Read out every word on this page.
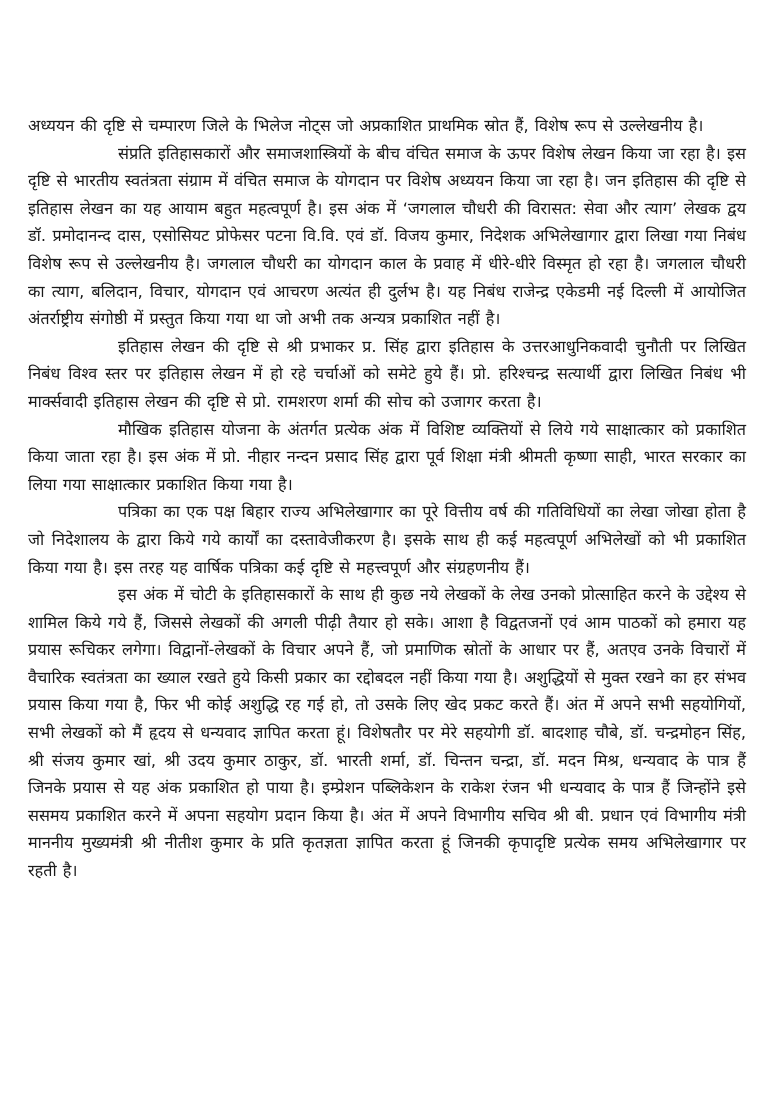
अध्ययन की दृष्टि से चम्पारण जिले के भिलेज नोट्स जो अप्रकाशित प्राथमिक स्रोत हैं, विशेष रूप से उल्लेखनीय है।

संप्रति इतिहासकारों और समाजशास्त्रियों के बीच वंचित समाज के ऊपर विशेष लेखन किया जा रहा है। इस दृष्टि से भारतीय स्वतंत्रता संग्राम में वंचित समाज के योगदान पर विशेष अध्ययन किया जा रहा है। जन इतिहास की दृष्टि से इतिहास लेखन का यह आयाम बहुत महत्वपूर्ण है। इस अंक में ‘जगलाल चौधरी की विरासत: सेवा और त्याग’ लेखक द्वय डॉ. प्रमोदानन्द दास, एसोसियट प्रोफेसर पटना वि.वि. एवं डॉ. विजय कुमार, निदेशक अभिलेखागार द्वारा लिखा गया निबंध विशेष रूप से उल्लेखनीय है। जगलाल चौधरी का योगदान काल के प्रवाह में धीरे-धीरे विस्मृत हो रहा है। जगलाल चौधरी का त्याग, बलिदान, विचार, योगदान एवं आचरण अत्यंत ही दुर्लभ है। यह निबंध राजेन्द्र एकेडमी नई दिल्ली में आयोजित अंतर्राष्ट्रीय संगोष्ठी में प्रस्तुत किया गया था जो अभी तक अन्यत्र प्रकाशित नहीं है।

इतिहास लेखन की दृष्टि से श्री प्रभाकर प्र. सिंह द्वारा इतिहास के उत्तरआधुनिकवादी चुनौती पर लिखित निबंध विश्व स्तर पर इतिहास लेखन में हो रहे चर्चाओं को समेटे हुये हैं। प्रो. हरिश्चन्द्र सत्यार्थी द्वारा लिखित निबंध भी मार्क्सवादी इतिहास लेखन की दृष्टि से प्रो. रामशरण शर्मा की सोच को उजागर करता है।

मौखिक इतिहास योजना के अंतर्गत प्रत्येक अंक में विशिष्ट व्यक्तियों से लिये गये साक्षात्कार को प्रकाशित किया जाता रहा है। इस अंक में प्रो. नीहार नन्दन प्रसाद सिंह द्वारा पूर्व शिक्षा मंत्री श्रीमती कृष्णा साही, भारत सरकार का लिया गया साक्षात्कार प्रकाशित किया गया है।

पत्रिका का एक पक्ष बिहार राज्य अभिलेखागार का पूरे वित्तीय वर्ष की गतिविधियों का लेखा जोखा होता है जो निदेशालय के द्वारा किये गये कार्यों का दस्तावेजीकरण है। इसके साथ ही कई महत्वपूर्ण अभिलेखों को भी प्रकाशित किया गया है। इस तरह यह वार्षिक पत्रिका कई दृष्टि से महत्त्वपूर्ण और संग्रहणनीय हैं।

इस अंक में चोटी के इतिहासकारों के साथ ही कुछ नये लेखकों के लेख उनको प्रोत्साहित करने के उद्देश्य से शामिल किये गये हैं, जिससे लेखकों की अगली पीढ़ी तैयार हो सके। आशा है विद्वतजनों एवं आम पाठकों को हमारा यह प्रयास रूचिकर लगेगा। विद्वानों-लेखकों के विचार अपने हैं, जो प्रमाणिक स्रोतों के आधार पर हैं, अतएव उनके विचारों में वैचारिक स्वतंत्रता का ख्याल रखते हुये किसी प्रकार का रद्दोबदल नहीं किया गया है। अशुद्धियों से मुक्त रखने का हर संभव प्रयास किया गया है, फिर भी कोई अशुद्धि रह गई हो, तो उसके लिए खेद प्रकट करते हैं। अंत में अपने सभी सहयोगियों, सभी लेखकों को मैं हृदय से धन्यवाद ज्ञापित करता हूं। विशेषतौर पर मेरे सहयोगी डॉ. बादशाह चौबे, डॉ. चन्द्रमोहन सिंह, श्री संजय कुमार खां, श्री उदय कुमार ठाकुर, डॉ. भारती शर्मा, डॉ. चिन्तन चन्द्रा, डॉ. मदन मिश्र, धन्यवाद के पात्र हैं जिनके प्रयास से यह अंक प्रकाशित हो पाया है। इम्प्रेशन पब्लिकेशन के राकेश रंजन भी धन्यवाद के पात्र हैं जिन्होंने इसे ससमय प्रकाशित करने में अपना सहयोग प्रदान किया है। अंत में अपने विभागीय सचिव श्री बी. प्रधान एवं विभागीय मंत्री माननीय मुख्यमंत्री श्री नीतीश कुमार के प्रति कृतज्ञता ज्ञापित करता हूं जिनकी कृपादृष्टि प्रत्येक समय अभिलेखागार पर रहती है।
